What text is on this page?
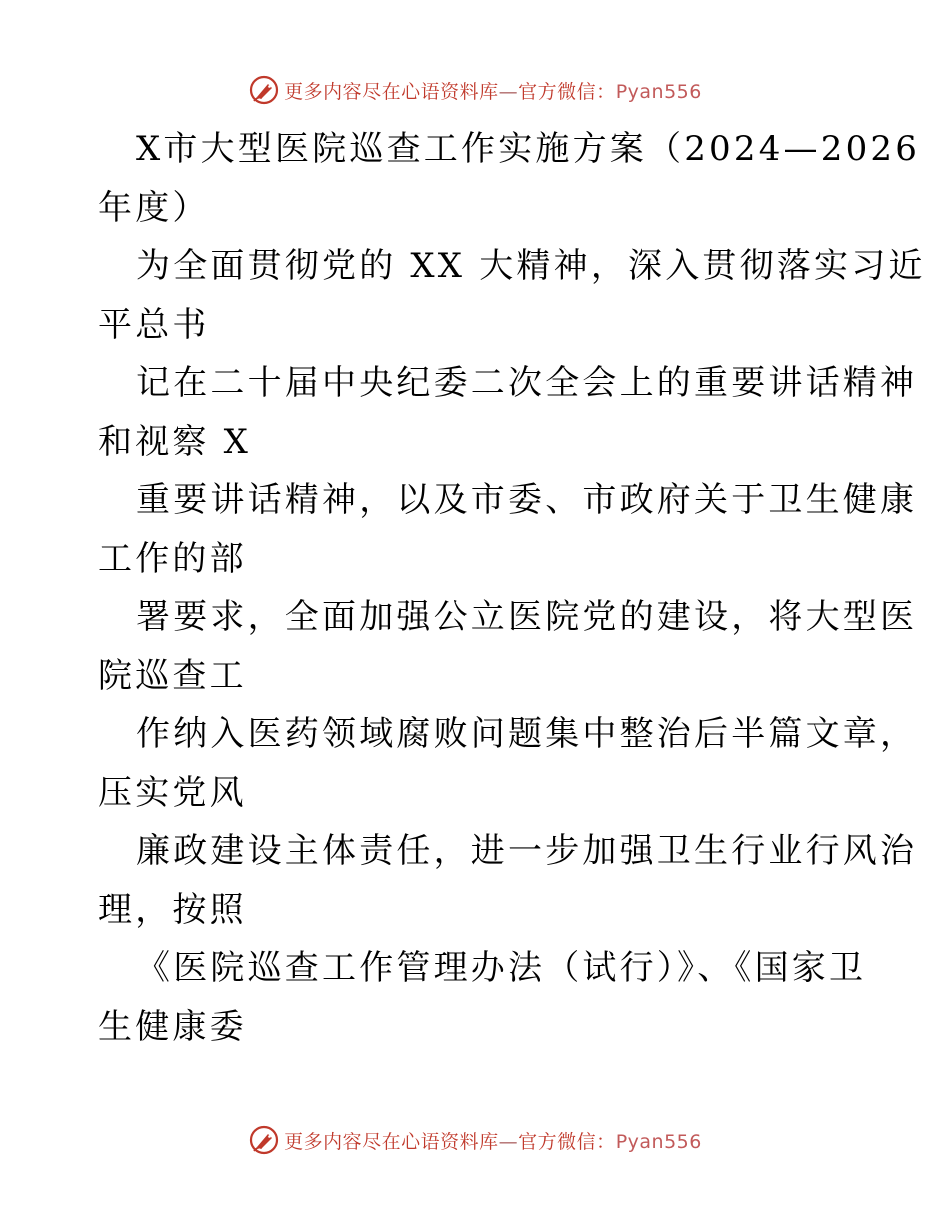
更多内容尽在心语资料库—官方微信：Pyan556
X市大型医院巡查工作实施方案（2024—2026
年度）
为全面贯彻党的 XX 大精神，深入贯彻落实习近
平总书
记在二十届中央纪委二次全会上的重要讲话精神
和视察 X
重要讲话精神，以及市委、市政府关于卫生健康
工作的部
署要求，全面加强公立医院党的建设，将大型医
院巡查工
作纳入医药领域腐败问题集中整治后半篇文章，
压实党风
廉政建设主体责任，进一步加强卫生行业行风治
理，按照
《医院巡查工作管理办法（试行）》、《国家卫
生健康委
更多内容尽在心语资料库—官方微信：Pyan556
